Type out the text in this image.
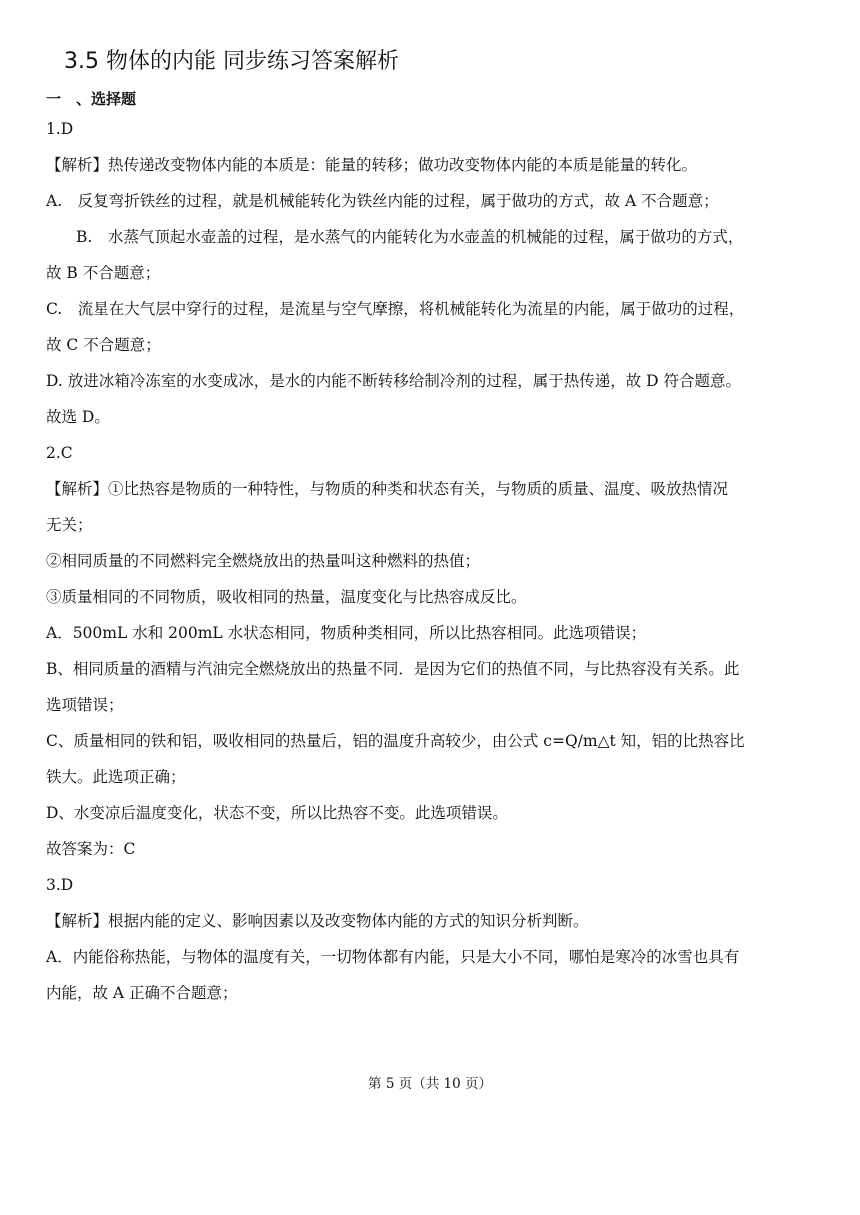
3.5 物体的内能 同步练习答案解析
一　、选择题
1.D
【解析】热传递改变物体内能的本质是：能量的转移；做功改变物体内能的本质是能量的转化。
A.　反复弯折铁丝的过程，就是机械能转化为铁丝内能的过程，属于做功的方式，故 A 不合题意；
B.　水蒸气顶起水壶盖的过程，是水蒸气的内能转化为水壶盖的机械能的过程，属于做功的方式，
故 B 不合题意；
C.　流星在大气层中穿行的过程，是流星与空气摩擦，将机械能转化为流星的内能，属于做功的过程，
故 C 不合题意；
D. 放进冰箱冷冻室的水变成冰，是水的内能不断转移给制冷剂的过程，属于热传递，故 D 符合题意。
故选 D。
2.C
【解析】①比热容是物质的一种特性，与物质的种类和状态有关，与物质的质量、温度、吸放热情况
无关；
②相同质量的不同燃料完全燃烧放出的热量叫这种燃料的热值；
③质量相同的不同物质，吸收相同的热量，温度变化与比热容成反比。
A．500mL 水和 200mL 水状态相同，物质种类相同，所以比热容相同。此选项错误；
B、相同质量的酒精与汽油完全燃烧放出的热量不同．是因为它们的热值不同，与比热容没有关系。此
选项错误；
C、质量相同的铁和铝，吸收相同的热量后，铝的温度升高较少，由公式 c=Q/m△t 知，铝的比热容比
铁大。此选项正确；
D、水变凉后温度变化，状态不变，所以比热容不变。此选项错误。
故答案为：C
3.D
【解析】根据内能的定义、影响因素以及改变物体内能的方式的知识分析判断。
A．内能俗称热能，与物体的温度有关，一切物体都有内能，只是大小不同，哪怕是寒冷的冰雪也具有
内能，故 A 正确不合题意；
第 5 页（共 10 页）
